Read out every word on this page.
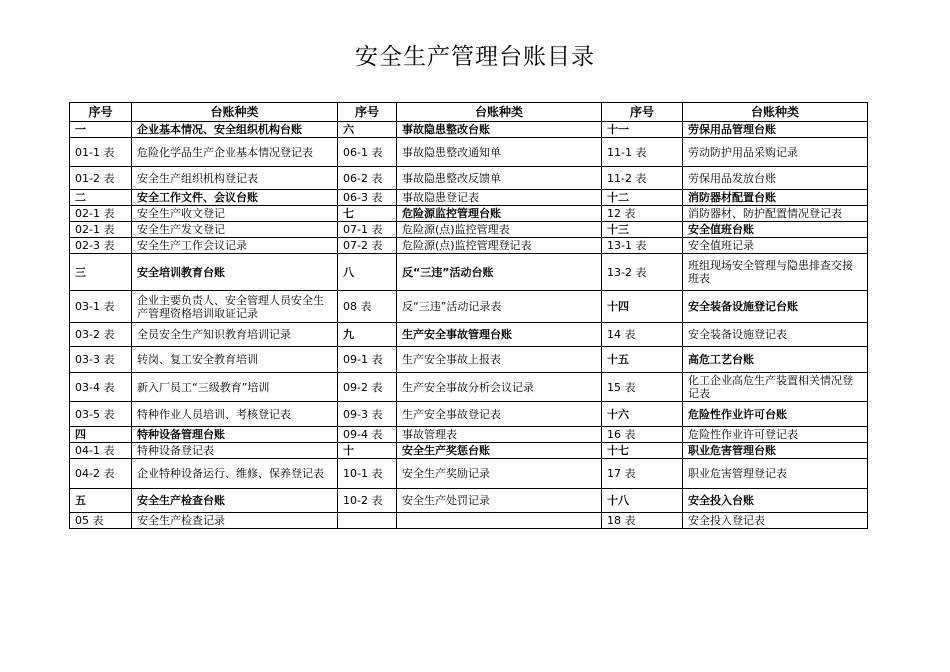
安全生产管理台账目录
序号	台账种类	序号	台账种类	序号	台账种类
一	企业基本情况、安全组织机构台账	六	事故隐患整改台账	十一	劳保用品管理台账
01-1 表	危险化学品生产企业基本情况登记表	06-1 表	事故隐患整改通知单	11-1 表	劳动防护用品采购记录
01-2 表	安全生产组织机构登记表	06-2 表	事故隐患整改反馈单	11-2 表	劳保用品发放台账
二	安全工作文件、会议台账	06-3 表	事故隐患登记表	十二	消防器材配置台账
02-1 表	安全生产收文登记	七	危险源监控管理台账	12 表	消防器材、防护配置情况登记表
02-1 表	安全生产发文登记	07-1 表	危险源(点)监控管理表	十三	安全值班台账
02-3 表	安全生产工作会议记录	07-2 表	危险源(点)监控管理登记表	13-1 表	安全值班记录
三	安全培训教育台账	八	反“三违”活动台账	13-2 表	班组现场安全管理与隐患排查交接班表
03-1 表	企业主要负责人、安全管理人员安全生产管理资格培训取证记录	08 表	反“三违”活动记录表	十四	安全装备设施登记台账
03-2 表	全员安全生产知识教育培训记录	九	生产安全事故管理台账	14 表	安全装备设施登记表
03-3 表	转岗、复工安全教育培训	09-1 表	生产安全事故上报表	十五	高危工艺台账
03-4 表	新入厂员工“三级教育”培训	09-2 表	生产安全事故分析会议记录	15 表	化工企业高危生产装置相关情况登记表
03-5 表	特种作业人员培训、考核登记表	09-3 表	生产安全事故登记表	十六	危险性作业许可台账
四	特种设备管理台账	09-4 表	事故管理表	16 表	危险性作业许可登记表
04-1 表	特种设备登记表	十	安全生产奖惩台账	十七	职业危害管理台账
04-2 表	企业特种设备运行、维修、保养登记表	10-1 表	安全生产奖励记录	17 表	职业危害管理登记表
五	安全生产检查台账	10-2 表	安全生产处罚记录	十八	安全投入台账
05 表	安全生产检查记录			18 表	安全投入登记表
